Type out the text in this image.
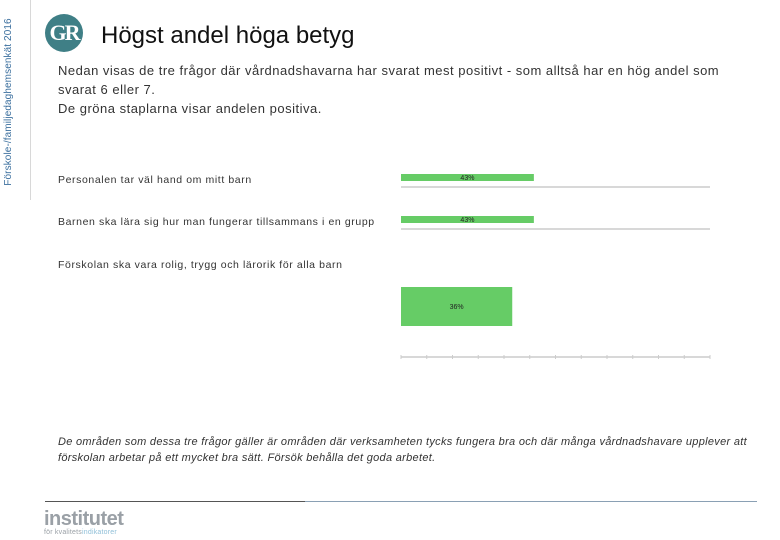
Förskole-/familjedaghemsenkät 2016 GR Högst andel höga betyg

Nedan visas de tre frågor där vårdnadshavarna har svarat mest positivt - som alltså har en hög andel som

svarat 6 eller 7.

De gröna staplarna visar andelen positiva.

Personalen tar väl hand om mitt barn
Barnen ska lära sig hur man fungerar tillsammans i en grupp
Förskolan ska vara rolig, trygg och lärorik för alla barn
43%
43%
36%
De områden som dessa tre frågor gäller är områden där verksamheten tycks fungera bra och där många vårdnadshavare upplever att förskolan arbetar på ett mycket bra sätt. Försök behålla det goda arbetet.
institutet
för kvalitetsindikatorer
